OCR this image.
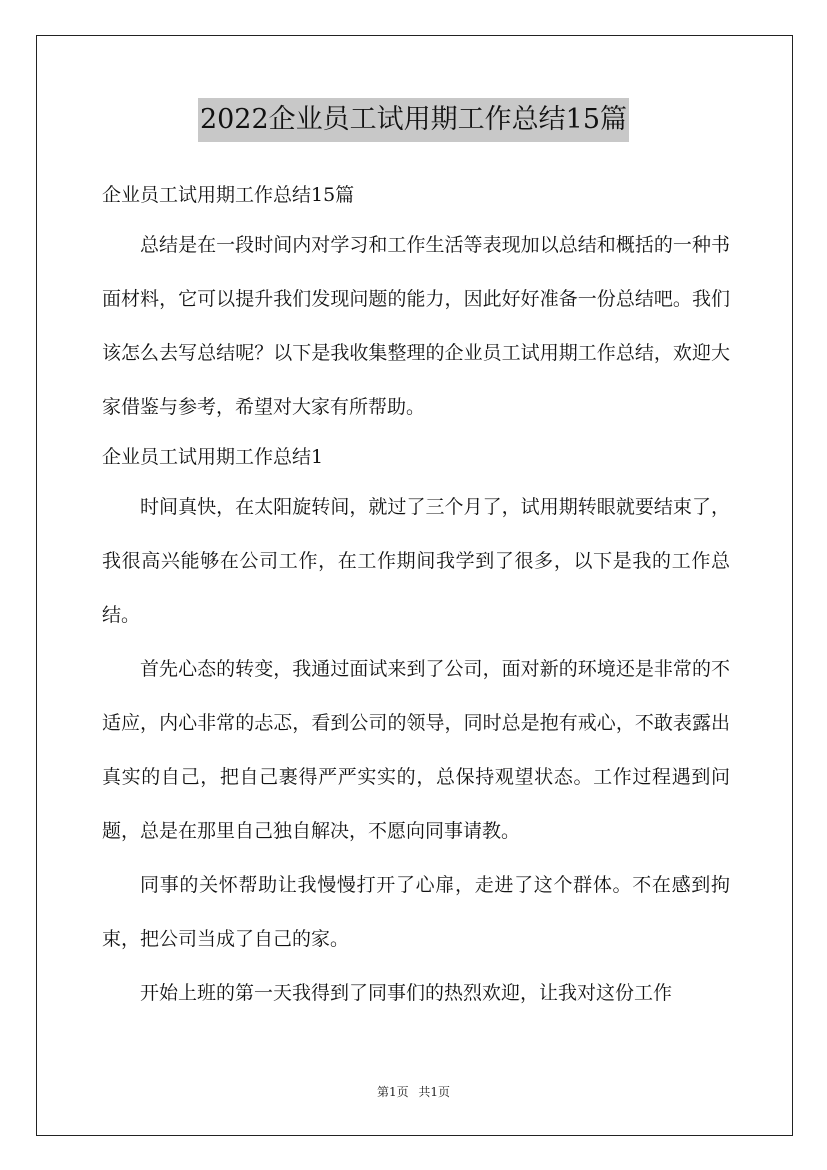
2022企业员工试用期工作总结15篇

企业员工试用期工作总结15篇

总结是在一段时间内对学习和工作生活等表现加以总结和概括的一种书面材料，它可以提升我们发现问题的能力，因此好好准备一份总结吧。我们该怎么去写总结呢？以下是我收集整理的企业员工试用期工作总结，欢迎大家借鉴与参考，希望对大家有所帮助。

企业员工试用期工作总结1

时间真快，在太阳旋转间，就过了三个月了，试用期转眼就要结束了，我很高兴能够在公司工作，在工作期间我学到了很多，以下是我的工作总结。

首先心态的转变，我通过面试来到了公司，面对新的环境还是非常的不适应，内心非常的忐忑，看到公司的领导，同时总是抱有戒心，不敢表露出真实的自己，把自己裹得严严实实的，总保持观望状态。工作过程遇到问题，总是在那里自己独自解决，不愿向同事请教。

同事的关怀帮助让我慢慢打开了心扉，走进了这个群体。不在感到拘束，把公司当成了自己的家。

开始上班的第一天我得到了同事们的热烈欢迎，让我对这份工作

第1页 共1页
